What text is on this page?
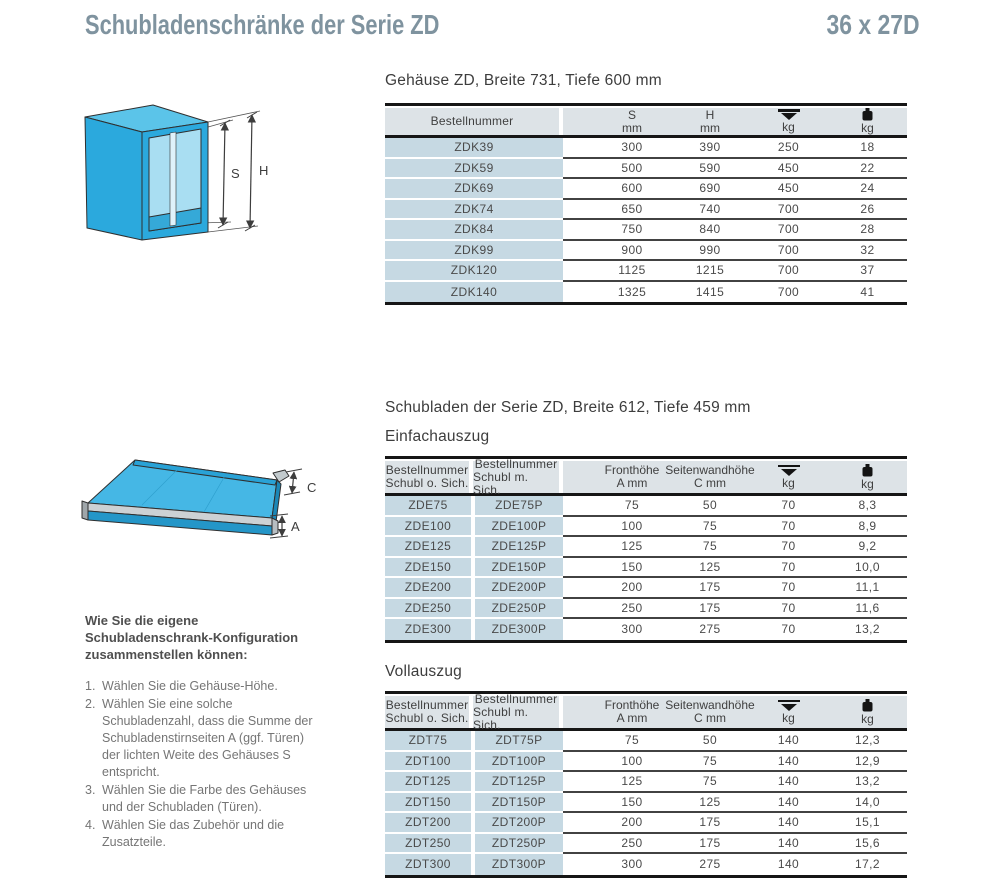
Schubladenschränke der Serie ZD	36 x 27D
S H
C
A
Wie Sie die eigene Schubladenschrank-Konfiguration zusammenstellen können:
1. Wählen Sie die Gehäuse-Höhe.
2. Wählen Sie eine solche Schubladenzahl, dass die Summe der Schubladenstirnseiten A (ggf. Türen) der lichten Weite des Gehäuses S entspricht.
3. Wählen Sie die Farbe des Gehäuses und der Schubladen (Türen).
4. Wählen Sie das Zubehör und die Zusatzteile.
Gehäuse ZD, Breite 731, Tiefe 600 mm
Bestellnummer	S
mm
H
mm	kg	kg
ZDK39	300	390	250	18
ZDK59	500	590	450	22
ZDK69	600	690	450	24
ZDK74	650	740	700	26
ZDK84	750	840	700	28
ZDK99	900	990	700	32
ZDK120	1125	1215	700	37
ZDK140	1325	1415	700	41
Schubladen der Serie ZD, Breite 612, Tiefe 459 mm
Einfachauszug
Bestellnummer
Schubl o. Sich.
Bestellnummer
Schubl m. Sich.
Fronthöhe
A mm
Seitenwandhöhe
C mm	kg	kg
ZDE75	ZDE75P	75	50	70	8,3
ZDE100	ZDE100P	100	75	70	8,9
ZDE125	ZDE125P	125	75	70	9,2
ZDE150	ZDE150P	150	125	70	10,0
ZDE200	ZDE200P	200	175	70	11,1
ZDE250	ZDE250P	250	175	70	11,6
ZDE300	ZDE300P	300	275	70	13,2
Vollauszug
Bestellnummer
Schubl o. Sich.
Bestellnummer
Schubl m. Sich.
Fronthöhe
A mm
Seitenwandhöhe
C mm	kg	kg
ZDT75	ZDT75P	75	50	140	12,3
ZDT100	ZDT100P	100	75	140	12,9
ZDT125	ZDT125P	125	75	140	13,2
ZDT150	ZDT150P	150	125	140	14,0
ZDT200	ZDT200P	200	175	140	15,1
ZDT250	ZDT250P	250	175	140	15,6
ZDT300	ZDT300P	300	275	140	17,2
